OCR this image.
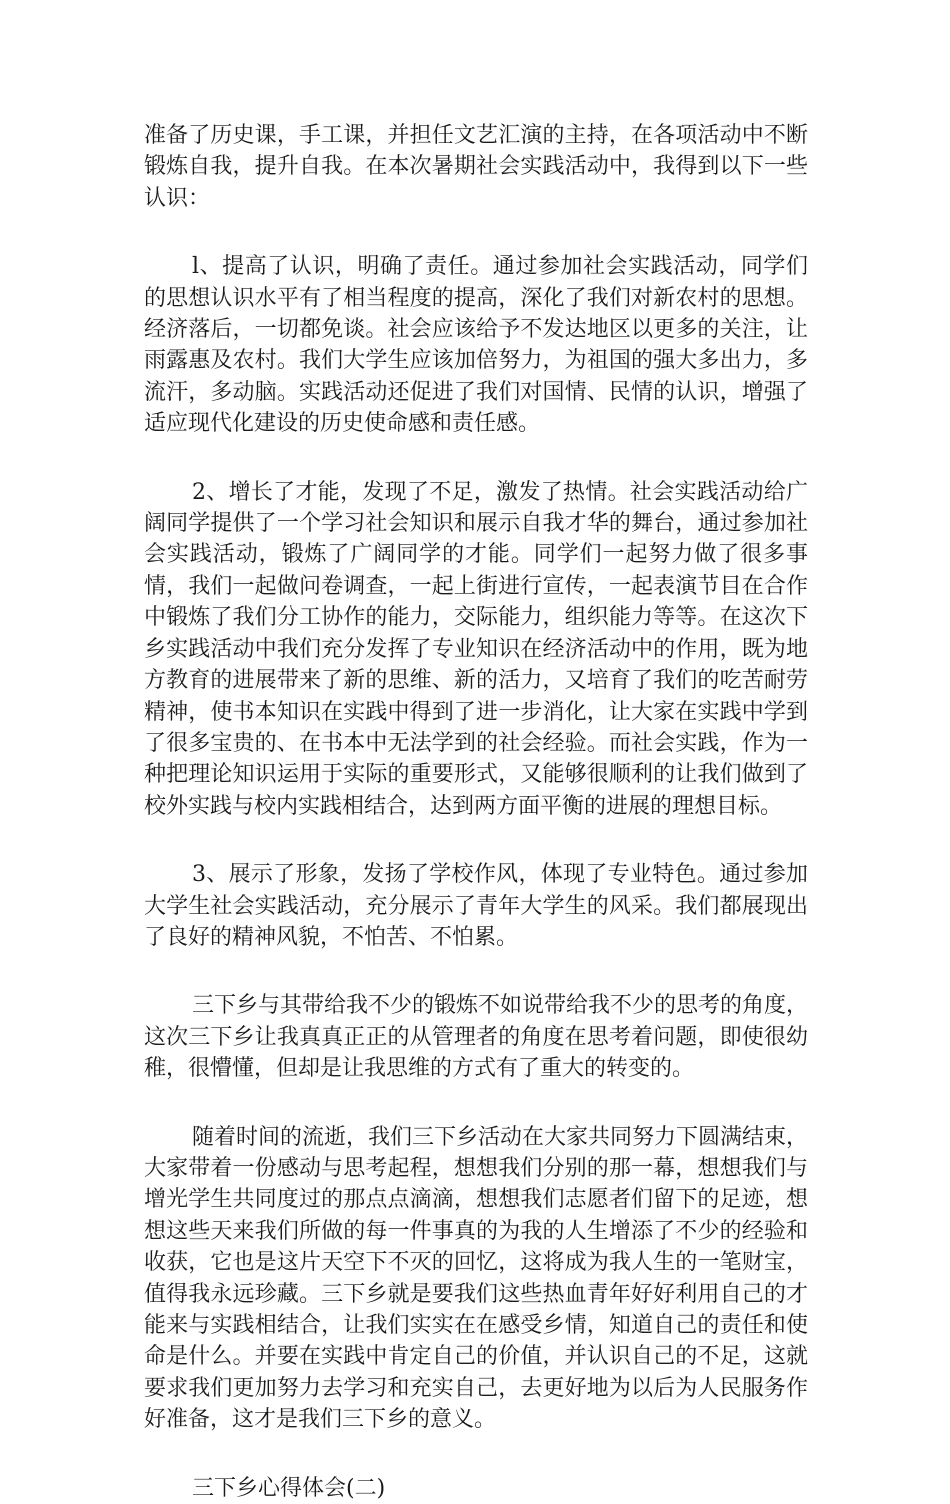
准备了历史课，手工课，并担任文艺汇演的主持，在各项活动中不断锻炼自我，提升自我。在本次暑期社会实践活动中，我得到以下一些认识：

l、提高了认识，明确了责任。通过参加社会实践活动，同学们的思想认识水平有了相当程度的提高，深化了我们对新农村的思想。经济落后，一切都免谈。社会应该给予不发达地区以更多的关注，让雨露惠及农村。我们大学生应该加倍努力，为祖国的强大多出力，多流汗，多动脑。实践活动还促进了我们对国情、民情的认识，增强了适应现代化建设的历史使命感和责任感。

2、增长了才能，发现了不足，激发了热情。社会实践活动给广阔同学提供了一个学习社会知识和展示自我才华的舞台，通过参加社会实践活动，锻炼了广阔同学的才能。同学们一起努力做了很多事情，我们一起做问卷调查，一起上街进行宣传，一起表演节目在合作中锻炼了我们分工协作的能力，交际能力，组织能力等等。在这次下乡实践活动中我们充分发挥了专业知识在经济活动中的作用，既为地方教育的进展带来了新的思维、新的活力，又培育了我们的吃苦耐劳精神，使书本知识在实践中得到了进一步消化，让大家在实践中学到了很多宝贵的、在书本中无法学到的社会经验。而社会实践，作为一种把理论知识运用于实际的重要形式，又能够很顺利的让我们做到了校外实践与校内实践相结合，达到两方面平衡的进展的理想目标。

3、展示了形象，发扬了学校作风，体现了专业特色。通过参加大学生社会实践活动，充分展示了青年大学生的风采。我们都展现出了良好的精神风貌，不怕苦、不怕累。

三下乡与其带给我不少的锻炼不如说带给我不少的思考的角度，这次三下乡让我真真正正的从管理者的角度在思考着问题，即使很幼稚，很懵懂，但却是让我思维的方式有了重大的转变的。

随着时间的流逝，我们三下乡活动在大家共同努力下圆满结束，大家带着一份感动与思考起程，想想我们分别的那一幕，想想我们与增光学生共同度过的那点点滴滴，想想我们志愿者们留下的足迹，想想这些天来我们所做的每一件事真的为我的人生增添了不少的经验和收获，它也是这片天空下不灭的回忆，这将成为我人生的一笔财宝，值得我永远珍藏。三下乡就是要我们这些热血青年好好利用自己的才能来与实践相结合，让我们实实在在感受乡情，知道自己的责任和使命是什么。并要在实践中肯定自己的价值，并认识自己的不足，这就要求我们更加努力去学习和充实自己，去更好地为以后为人民服务作好准备，这才是我们三下乡的意义。

三下乡心得体会(二)
